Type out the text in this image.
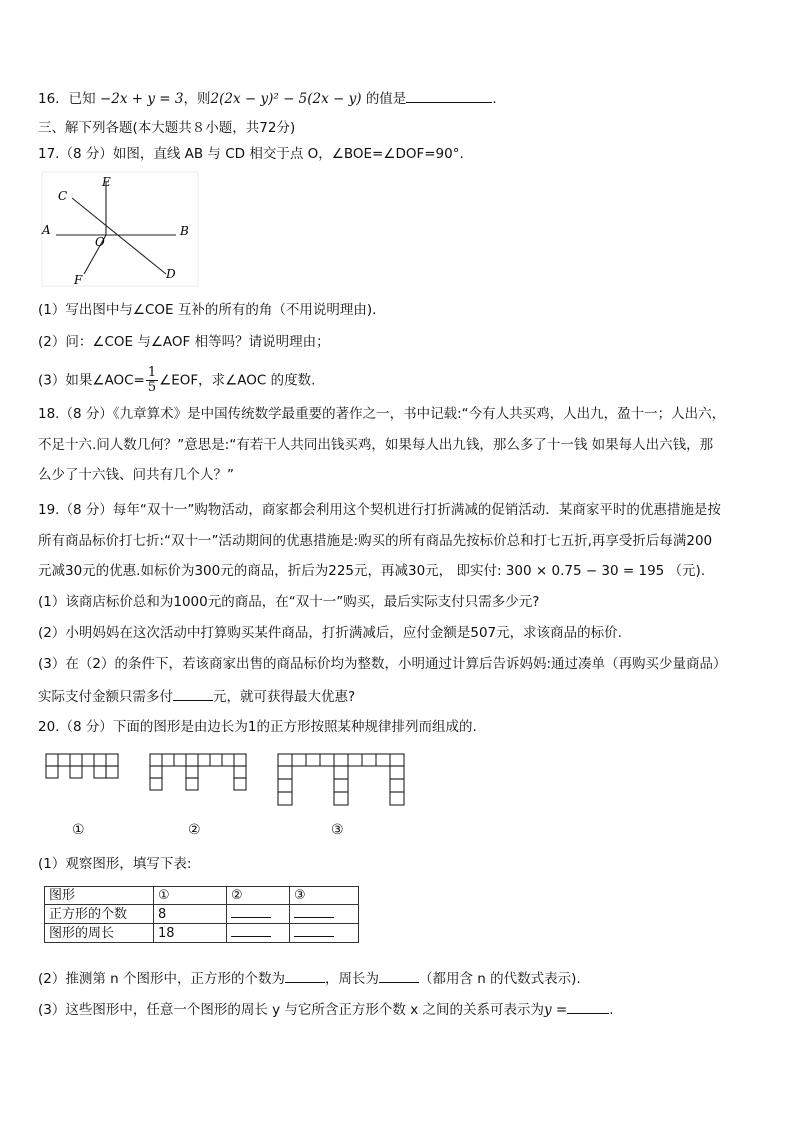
16．已知 −2x + y = 3，则2(2x − y)² − 5(2x − y) 的值是	．
三、解下列各题(本大题共８小题，共72分)
17.（8 分）如图，直线 AB 与 CD 相交于点 O，∠BOE=∠DOF=90°.
C
E
A
O
B
F	D
(1）写出图中与∠COE 互补的所有的角（不用说明理由).
(2）问：∠COE 与∠AOF 相等吗？请说明理由；
(3）如果∠AOC= $\frac{1}{5}$ ∠EOF，求∠AOC 的度数.
18.（8 分）《九章算术》是中国传统数学最重要的著作之一，书中记载:“今有人共买鸡，人出九，盈十一；人出六，
不足十六.问人数几何？”意思是:“有若干人共同出钱买鸡，如果每人出九钱，那么多了十一钱 如果每人出六钱，那
么少了十六钱、问共有几个人？”
19.（8 分）每年“双十一”购物活动，商家都会利用这个契机进行打折满减的促销活动．某商家平时的优惠措施是按
所有商品标价打七折:“双十一”活动期间的优惠措施是:购买的所有商品先按标价总和打七五折,再享受折后每满200
元减30元的优惠.如标价为300元的商品，折后为225元，再减30元， 即实付: 300 × 0.75 − 30 = 195 （元).
(1）该商店标价总和为1000元的商品，在“双十一”购买，最后实际支付只需多少元?
(2）小明妈妈在这次活动中打算购买某件商品，打折满减后，应付金额是507元，求该商品的标价.
(3）在（2）的条件下，若该商家出售的商品标价均为整数，小明通过计算后告诉妈妈:通过凑单（再购买少量商品）
实际支付金额只需多付	元，就可获得最大优惠?
20.（8 分）下面的图形是由边长为1的正方形按照某种规律排列而组成的.
①	②	③
(1）观察图形，填写下表:
图形	①	②	③
正方形的个数	8		
图形的周长	18		
(2）推测第 n 个图形中，正方形的个数为	，周长为	（都用含 n 的代数式表示).
(3）这些图形中，任意一个图形的周长 y 与它所含正方形个数 x 之间的关系可表示为y =	.
